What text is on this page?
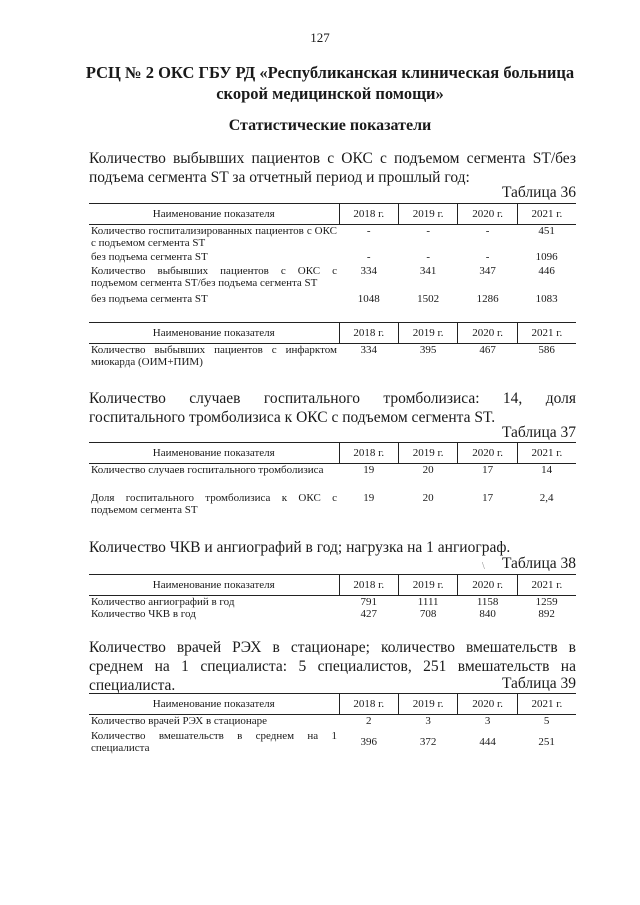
127
РСЦ № 2 ОКС ГБУ РД «Республиканская клиническая больница
скорой медицинской помощи»
Статистические показатели
Количество выбывших пациентов с ОКС с подъемом сегмента ST/без подъема сегмента ST за отчетный период и прошлый год:
Таблица 36
Наименование показателя	2018 г.	2019 г.	2020 г.	2021 г.
Количество госпитализированных пациентов с ОКС с подъемом сегмента ST	-	-	-	451
без подъема сегмента ST	-	-	-	1096
Количество выбывших пациентов с ОКС с подъемом сегмента ST/без подъема сегмента ST	334	341	347	446
без подъема сегмента ST	1048	1502	1286	1083
Наименование показателя	2018 г.	2019 г.	2020 г.	2021 г.
Количество выбывших пациентов с инфарктом миокарда (ОИМ+ПИМ)	334	395	467	586
Количество случаев госпитального тромболизиса: 14, доля госпитального тромболизиса к ОКС с подъемом сегмента ST.
Таблица 37
Наименование показателя	2018 г.	2019 г.	2020 г.	2021 г.
Количество случаев госпитального тромболизиса	19	20	17	14
Доля госпитального тромболизиса к ОКС с подъемом сегмента ST	19	20	17	2,4
Количество ЧКВ и ангиографий в год; нагрузка на 1 ангиограф.
\ Таблица 38
Наименование показателя	2018 г.	2019 г.	2020 г.	2021 г.
Количество ангиографий в год	791	1111	1158	1259
Количество ЧКВ в год	427	708	840	892
Количество врачей РЭХ в стационаре; количество вмешательств в среднем на 1 специалиста: 5 специалистов, 251 вмешательств на специалиста.	Таблица 39
Наименование показателя	2018 г.	2019 г.	2020 г.	2021 г.
Количество врачей РЭХ в стационаре	2	3	3	5
Количество вмешательств в среднем на 1 специалиста	396	372	444	251
